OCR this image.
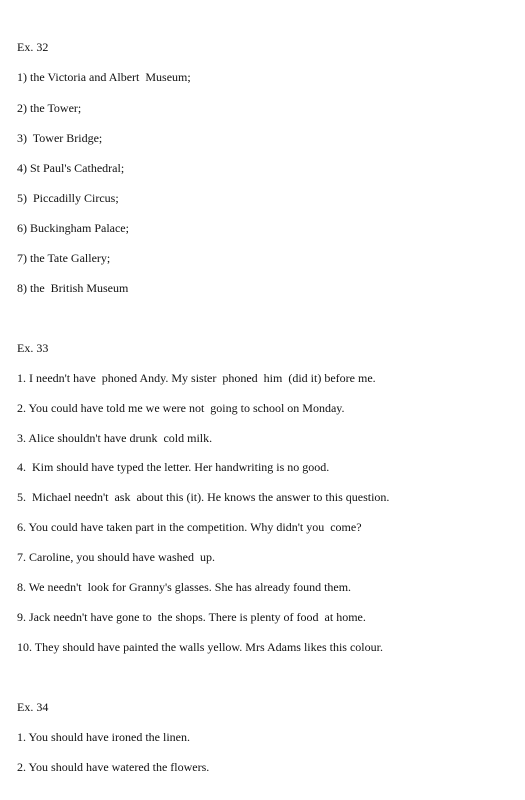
Ex. 32
1) the Victoria and Albert  Museum;
2) the Tower;
3)  Tower Bridge;
4) St Paul's Cathedral;
5)  Piccadilly Circus;
6) Buckingham Palace;
7) the Tate Gallery;
8) the  British Museum
Ex. 33
1. I needn't have  phoned Andy. My sister  phoned  him  (did it) before me.
2. You could have told me we were not  going to school on Monday.
3. Alice shouldn't have drunk  cold milk.
4.  Kim should have typed the letter. Her handwriting is no good.
5.  Michael needn't  ask  about this (it). He knows the answer to this question.
6. You could have taken part in the competition. Why didn't you  come?
7. Caroline, you should have washed  up.
8. We needn't  look for Granny's glasses. She has already found them.
9. Jack needn't have gone to  the shops. There is plenty of food  at home.
10. They should have painted the walls yellow. Mrs Adams likes this colour.
Ex. 34
1. You should have ironed the linen.
2. You should have watered the flowers.
